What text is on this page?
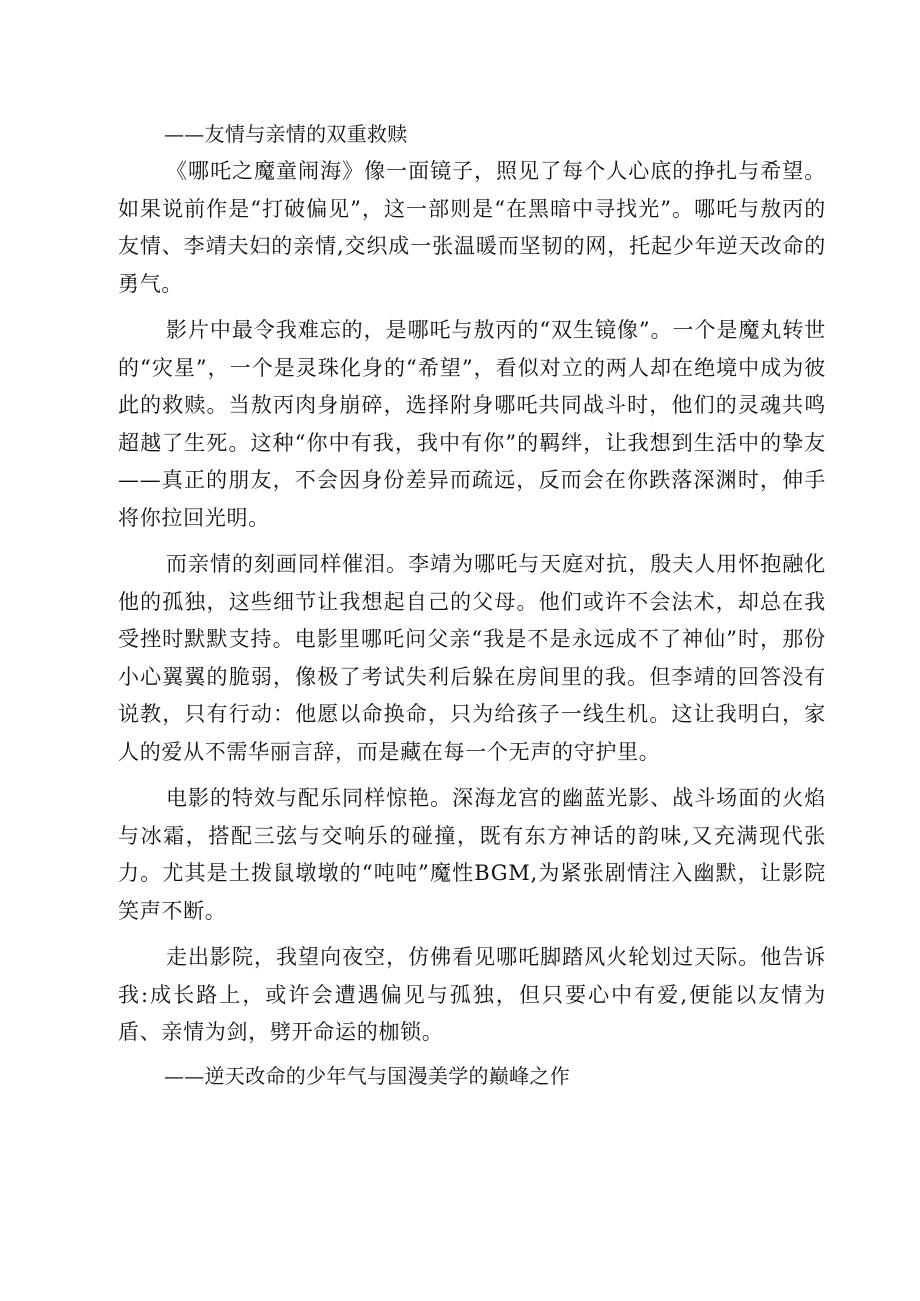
——友情与亲情的双重救赎

《哪吒之魔童闹海》像一面镜子，照见了每个人心底的挣扎与希望。如果说前作是“打破偏见”，这一部则是“在黑暗中寻找光”。哪吒与敖丙的友情、李靖夫妇的亲情,交织成一张温暖而坚韧的网，托起少年逆天改命的勇气。

影片中最令我难忘的，是哪吒与敖丙的“双生镜像”。一个是魔丸转世的“灾星”，一个是灵珠化身的“希望”，看似对立的两人却在绝境中成为彼此的救赎。当敖丙肉身崩碎，选择附身哪吒共同战斗时，他们的灵魂共鸣超越了生死。这种“你中有我，我中有你”的羁绊，让我想到生活中的挚友——真正的朋友，不会因身份差异而疏远，反而会在你跌落深渊时，伸手将你拉回光明。

而亲情的刻画同样催泪。李靖为哪吒与天庭对抗，殷夫人用怀抱融化他的孤独，这些细节让我想起自己的父母。他们或许不会法术，却总在我受挫时默默支持。电影里哪吒问父亲“我是不是永远成不了神仙”时，那份小心翼翼的脆弱，像极了考试失利后躲在房间里的我。但李靖的回答没有说教，只有行动：他愿以命换命，只为给孩子一线生机。这让我明白，家人的爱从不需华丽言辞，而是藏在每一个无声的守护里。

电影的特效与配乐同样惊艳。深海龙宫的幽蓝光影、战斗场面的火焰与冰霜，搭配三弦与交响乐的碰撞，既有东方神话的韵味,又充满现代张力。尤其是土拨鼠墩墩的“吨吨”魔性BGM,为紧张剧情注入幽默，让影院笑声不断。

走出影院，我望向夜空，仿佛看见哪吒脚踏风火轮划过天际。他告诉我:成长路上，或许会遭遇偏见与孤独，但只要心中有爱,便能以友情为盾、亲情为剑，劈开命运的枷锁。

——逆天改命的少年气与国漫美学的巅峰之作
